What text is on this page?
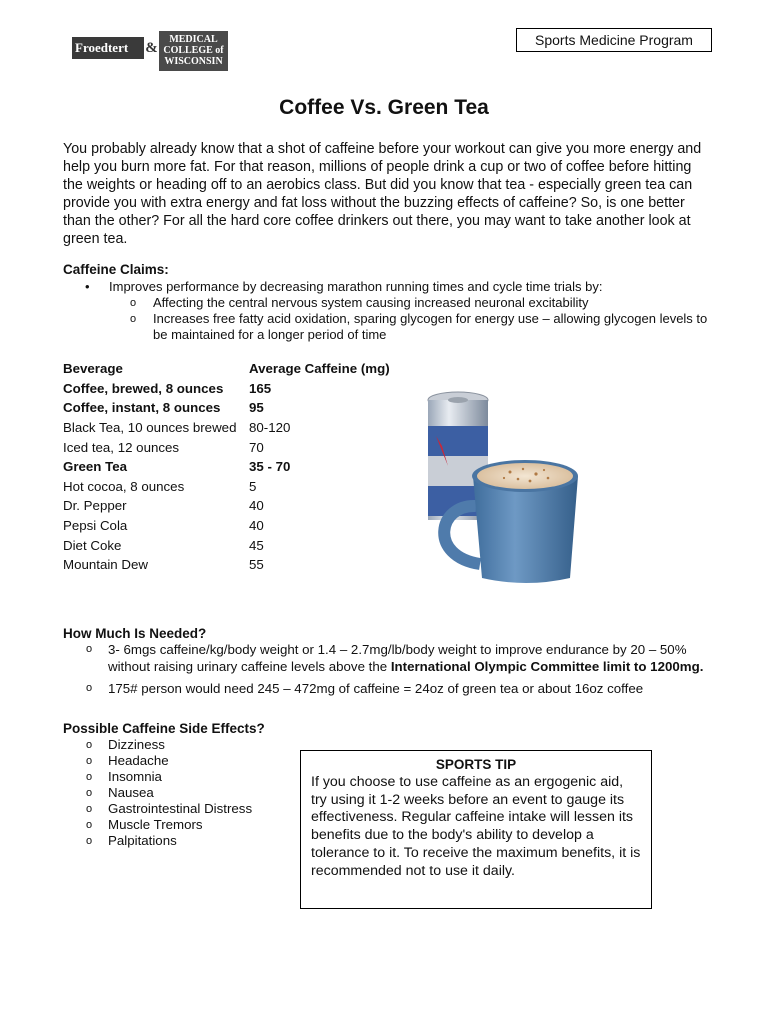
Froedtert	&
MEDICAL
COLLEGE of
WISCONSIN
Sports Medicine Program
Coffee Vs. Green Tea

You probably already know that a shot of caffeine before your workout can give you more energy and help you burn more fat. For that reason, millions of people drink a cup or two of coffee before hitting the weights or heading off to an aerobics class. But did you know that tea - especially green tea can provide you with extra energy and fat loss without the buzzing effects of caffeine? So, is one better than the other? For all the hard core coffee drinkers out there, you may want to take another look at green tea.

Caffeine Claims:
• Improves performance by decreasing marathon running times and cycle time trials by:
o Affecting the central nervous system causing increased neuronal excitability
o Increases free fatty acid oxidation, sparing glycogen for energy use – allowing glycogen levels to be maintained for a longer period of time
Beverage	Average Caffeine (mg)
Coffee, brewed, 8 ounces	165
Coffee, instant, 8 ounces	95
Black Tea, 10 ounces brewed	80-120
Iced tea, 12 ounces	70
Green Tea	35 - 70
Hot cocoa, 8 ounces	5
Dr. Pepper	40
Pepsi Cola	40
Diet Coke	45
Mountain Dew	55
How Much Is Needed?
o 3- 6mgs caffeine/kg/body weight or 1.4 – 2.7mg/lb/body weight to improve endurance by 20 – 50% without raising urinary caffeine levels above the International Olympic Committee limit to 1200mg.
o 175# person would need 245 – 472mg of caffeine = 24oz of green tea or about 16oz coffee
Possible Caffeine Side Effects?
o Dizziness
o Headache
o Insomnia
o Nausea
o Gastrointestinal Distress
o Muscle Tremors
o Palpitations
SPORTS TIP
If you choose to use caffeine as an ergogenic aid, try using it 1-2 weeks before an event to gauge its effectiveness. Regular caffeine intake will lessen its benefits due to the body's ability to develop a tolerance to it. To receive the maximum benefits, it is recommended not to use it daily.
